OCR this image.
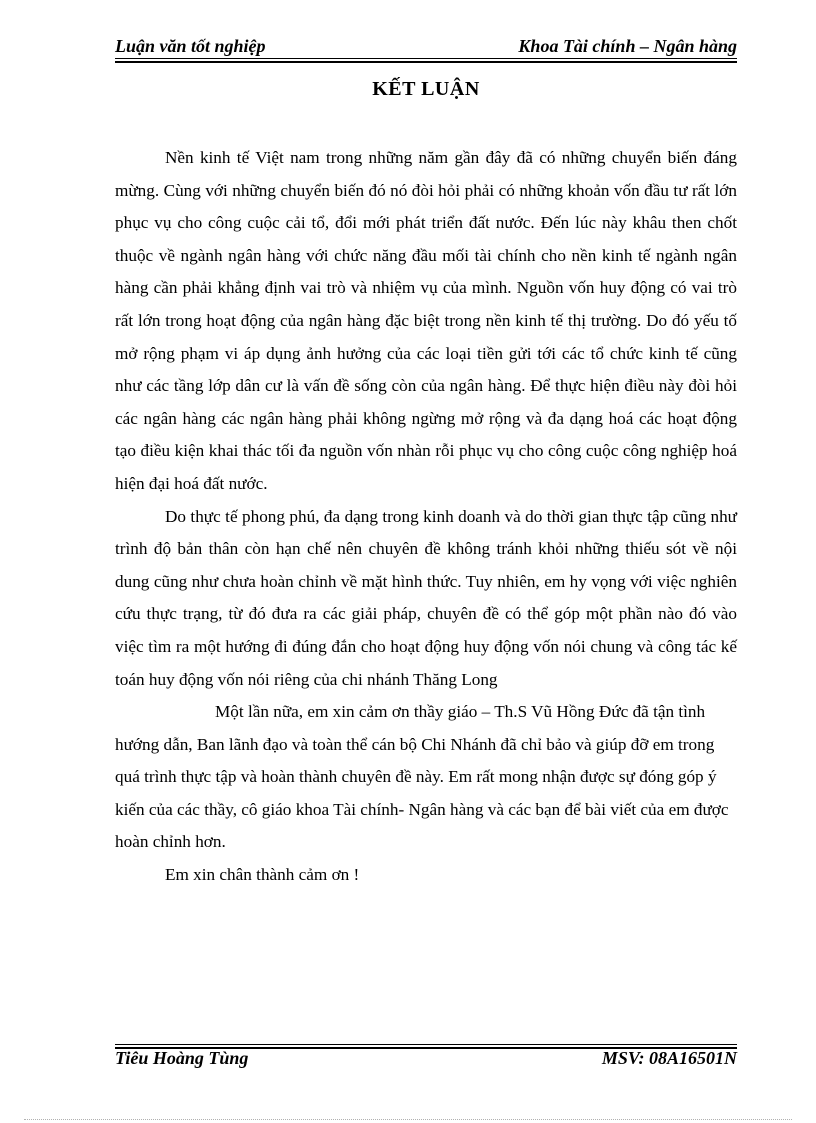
Luận văn tốt nghiệp	Khoa Tài chính – Ngân hàng
KẾT LUẬN

Nền kinh tế Việt nam trong những năm gần đây đã có những chuyển biến đáng mừng. Cùng với những chuyển biến đó nó đòi hỏi phải có những khoản vốn đầu tư rất lớn phục vụ cho công cuộc cải tổ, đổi mới phát triển đất nước. Đến lúc này khâu then chốt thuộc về ngành ngân hàng với chức năng đầu mối tài chính cho nền kinh tế ngành ngân hàng cần phải khẳng định vai trò và nhiệm vụ của mình. Nguồn vốn huy động có vai trò rất lớn trong hoạt động của ngân hàng đặc biệt trong nền kinh tế thị trường. Do đó yếu tố mở rộng phạm vi áp dụng ảnh hưởng của các loại tiền gửi tới các tổ chức kinh tế cũng như các tầng lớp dân cư là vấn đề sống còn của ngân hàng. Để thực hiện điều này đòi hỏi các ngân hàng các ngân hàng phải không ngừng mở rộng và đa dạng hoá các hoạt động tạo điều kiện khai thác tối đa nguồn vốn nhàn rỗi phục vụ cho công cuộc công nghiệp hoá hiện đại hoá đất nước.

Do thực tế phong phú, đa dạng trong kinh doanh và do thời gian thực tập cũng như trình độ bản thân còn hạn chế nên chuyên đề không tránh khỏi những thiếu sót về nội dung cũng như chưa hoàn chỉnh về mặt hình thức. Tuy nhiên, em hy vọng với việc nghiên cứu thực trạng, từ đó đưa ra các giải pháp, chuyên đề có thể góp một phần nào đó vào việc tìm ra một hướng đi đúng đắn cho hoạt động huy động vốn nói chung và công tác kế toán huy động vốn nói riêng của chi nhánh Thăng Long

Một lần nữa, em xin cảm ơn thầy giáo – Th.S Vũ Hồng Đức đã tận tình hướng dẫn, Ban lãnh đạo và toàn thể cán bộ Chi Nhánh đã chỉ bảo và giúp đỡ em trong quá trình thực tập và hoàn thành chuyên đề này. Em rất mong nhận được sự đóng góp ý kiến của các thầy, cô giáo khoa Tài chính- Ngân hàng và các bạn để bài viết của em được hoàn chỉnh hơn.

Em xin chân thành cảm ơn !

Tiêu Hoàng Tùng	MSV: 08A16501N
